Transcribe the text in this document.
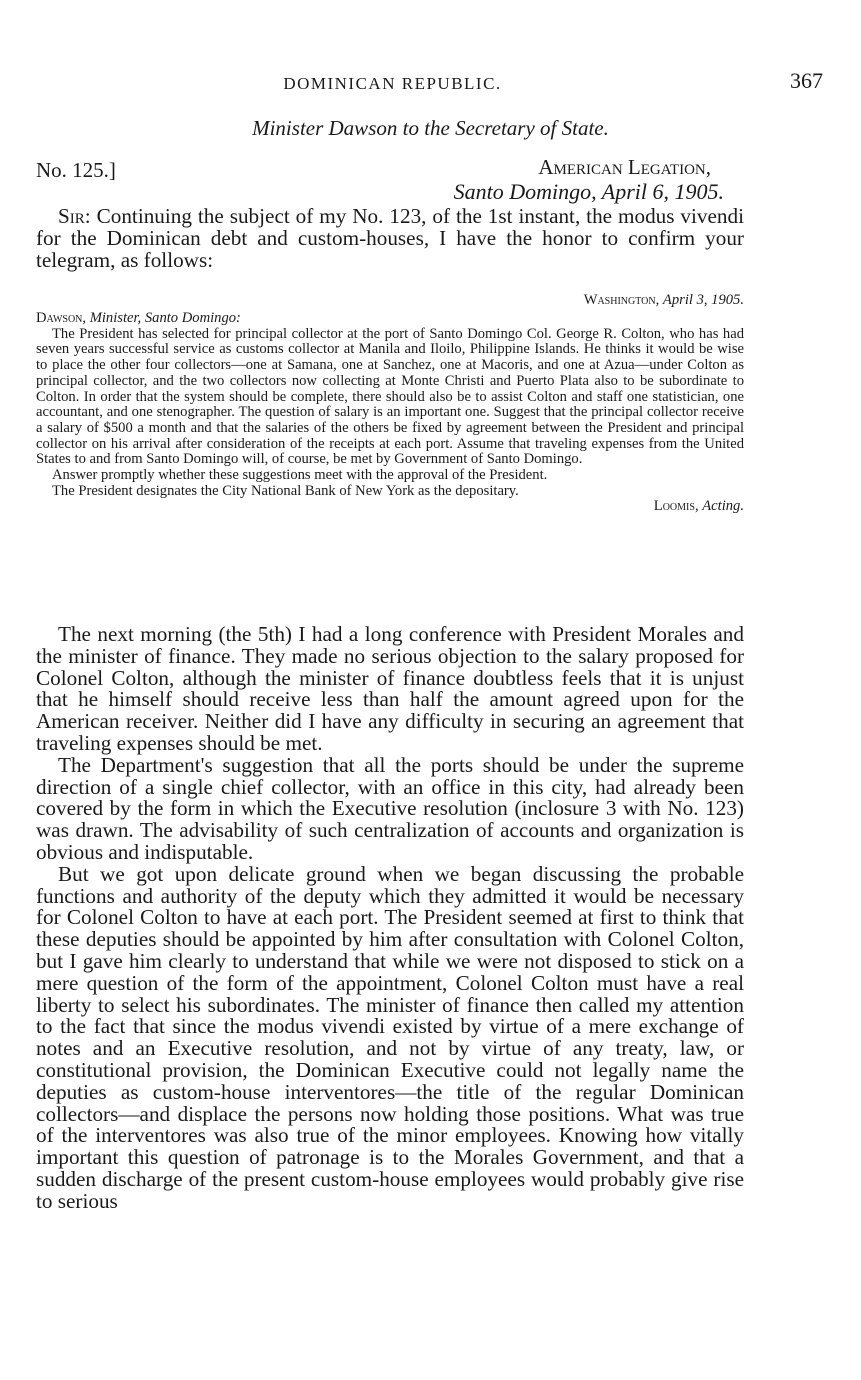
DOMINICAN REPUBLIC.	367
Minister Dawson to the Secretary of State.
No. 125.]	American Legation,
Santo Domingo, April 6, 1905.

Sir: Continuing the subject of my No. 123, of the 1st instant, the modus vivendi for the Dominican debt and custom-houses, I have the honor to confirm your telegram, as follows:

Washington, April 3, 1905.

Dawson, Minister, Santo Domingo:

The President has selected for principal collector at the port of Santo Domingo Col. George R. Colton, who has had seven years successful service as customs collector at Manila and Iloilo, Philippine Islands. He thinks it would be wise to place the other four collectors—one at Samana, one at Sanchez, one at Macoris, and one at Azua—under Colton as principal collector, and the two collectors now collecting at Monte Christi and Puerto Plata also to be subordinate to Colton. In order that the system should be complete, there should also be to assist Colton and staff one statistician, one accountant, and one stenographer. The question of salary is an important one. Suggest that the principal collector receive a salary of $500 a month and that the salaries of the others be fixed by agreement between the President and principal collector on his arrival after consideration of the receipts at each port. Assume that traveling expenses from the United States to and from Santo Domingo will, of course, be met by Government of Santo Domingo.

Answer promptly whether these suggestions meet with the approval of the President.

The President designates the City National Bank of New York as the depositary.

Loomis, Acting.

The next morning (the 5th) I had a long conference with President Morales and the minister of finance. They made no serious objection to the salary proposed for Colonel Colton, although the minister of finance doubtless feels that it is unjust that he himself should receive less than half the amount agreed upon for the American receiver. Neither did I have any difficulty in securing an agreement that traveling expenses should be met.

The Department's suggestion that all the ports should be under the supreme direction of a single chief collector, with an office in this city, had already been covered by the form in which the Executive resolution (inclosure 3 with No. 123) was drawn. The advisability of such centralization of accounts and organization is obvious and indisputable.

But we got upon delicate ground when we began discussing the probable functions and authority of the deputy which they admitted it would be necessary for Colonel Colton to have at each port. The President seemed at first to think that these deputies should be appointed by him after consultation with Colonel Colton, but I gave him clearly to understand that while we were not disposed to stick on a mere question of the form of the appointment, Colonel Colton must have a real liberty to select his subordinates. The minister of finance then called my attention to the fact that since the modus vivendi existed by virtue of a mere exchange of notes and an Executive resolution, and not by virtue of any treaty, law, or constitutional provision, the Dominican Executive could not legally name the deputies as custom-house interventores—the title of the regular Dominican collectors—and displace the persons now holding those positions. What was true of the interventores was also true of the minor employees. Knowing how vitally important this question of patronage is to the Morales Government, and that a sudden discharge of the present custom-house employees would probably give rise to serious
